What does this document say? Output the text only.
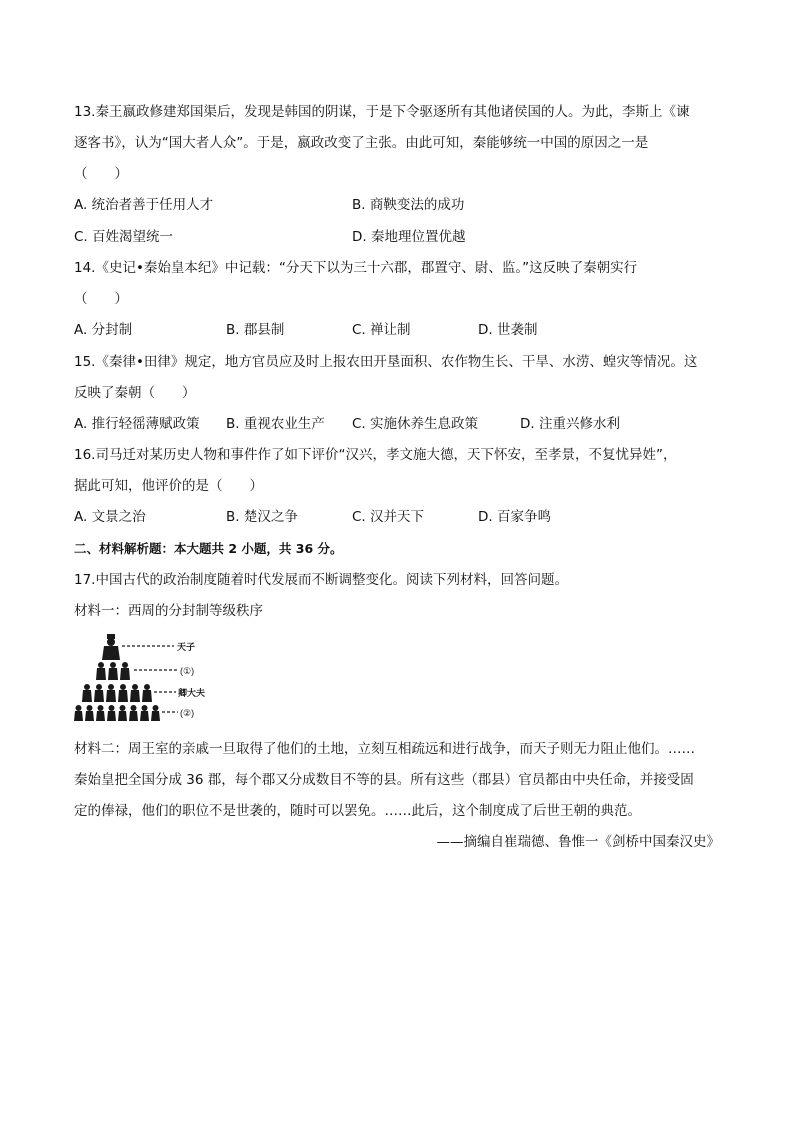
13.秦王嬴政修建郑国渠后，发现是韩国的阴谋，于是下令驱逐所有其他诸侯国的人。为此，李斯上《谏
逐客书》，认为“国大者人众”。于是，嬴政改变了主张。由此可知，秦能够统一中国的原因之一是
（　　）
A. 统治者善于任用人才	B. 商鞅变法的成功
C. 百姓渴望统一	D. 秦地理位置优越
14.《史记•秦始皇本纪》中记载：“分天下以为三十六郡，郡置守、尉、监。”这反映了秦朝实行
（　　）
A. 分封制	B. 郡县制	C. 禅让制	D. 世袭制
15.《秦律•田律》规定，地方官员应及时上报农田开垦面积、农作物生长、干旱、水涝、蝗灾等情况。这
反映了秦朝（　　）
A. 推行轻徭薄赋政策 B. 重视农业生产 C. 实施休养生息政策	D. 注重兴修水利
16.司马迁对某历史人物和事件作了如下评价“汉兴，孝文施大德，天下怀安，至孝景，不复忧异姓”，
据此可知，他评价的是（　　）
A. 文景之治	B. 楚汉之争	C. 汉并天下	D. 百家争鸣
二、材料解析题：本大题共 2 小题，共 36 分。
17.中国古代的政治制度随着时代发展而不断调整变化。阅读下列材料，回答问题。
材料一：西周的分封制等级秩序
天子
(①)
卿大夫
(②)
材料二：周王室的亲戚一旦取得了他们的土地，立刻互相疏远和进行战争，而天子则无力阻止他们。……
秦始皇把全国分成 36 郡，每个郡又分成数目不等的县。所有这些（郡县）官员都由中央任命，并接受固
定的俸禄，他们的职位不是世袭的，随时可以罢免。……此后，这个制度成了后世王朝的典范。
——摘编自崔瑞德、鲁惟一《剑桥中国秦汉史》
